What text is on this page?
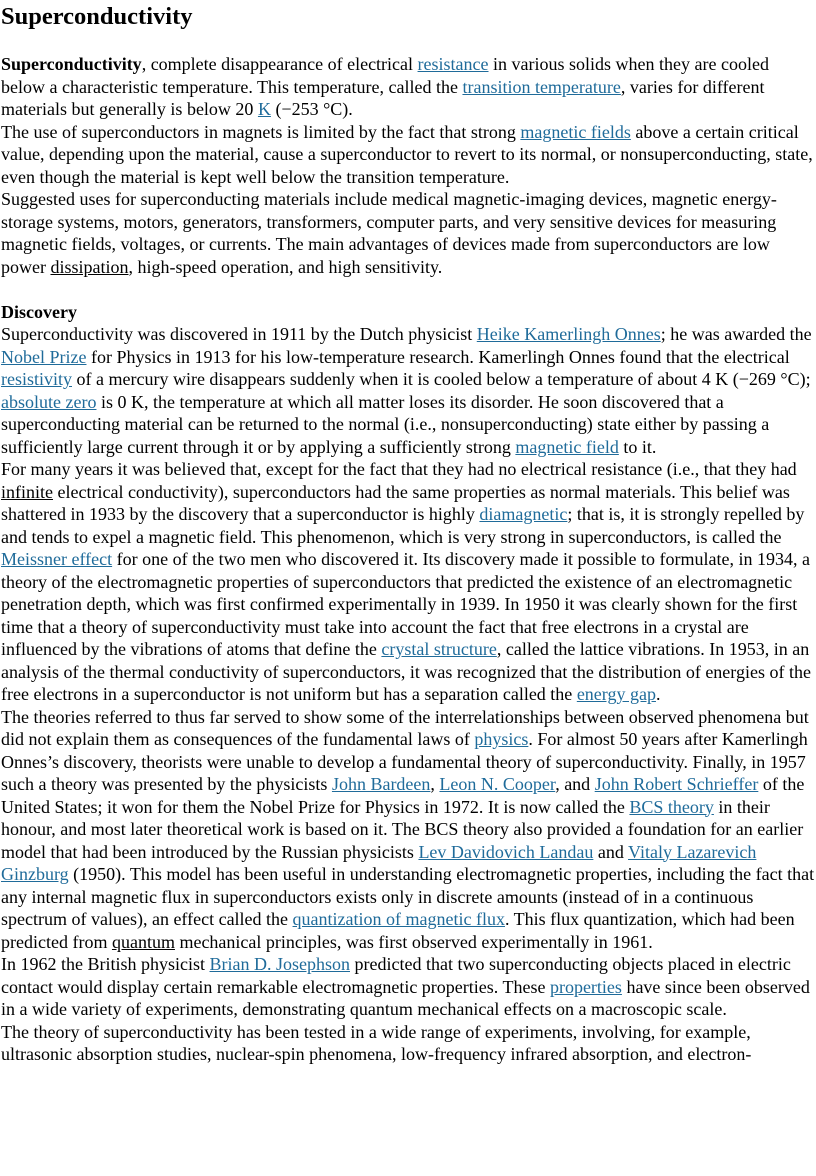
Superconductivity

Superconductivity, complete disappearance of electrical resistance in various solids when they are cooled below a characteristic temperature. This temperature, called the transition temperature, varies for different materials but generally is below 20 K (−253 °C).

The use of superconductors in magnets is limited by the fact that strong magnetic fields above a certain critical value, depending upon the material, cause a superconductor to revert to its normal, or nonsuperconducting, state, even though the material is kept well below the transition temperature.

Suggested uses for superconducting materials include medical magnetic-imaging devices, magnetic energy-storage systems, motors, generators, transformers, computer parts, and very sensitive devices for measuring magnetic fields, voltages, or currents. The main advantages of devices made from superconductors are low power dissipation, high-speed operation, and high sensitivity.

Discovery

Superconductivity was discovered in 1911 by the Dutch physicist Heike Kamerlingh Onnes; he was awarded the Nobel Prize for Physics in 1913 for his low-temperature research. Kamerlingh Onnes found that the electrical resistivity of a mercury wire disappears suddenly when it is cooled below a temperature of about 4 K (−269 °C); absolute zero is 0 K, the temperature at which all matter loses its disorder. He soon discovered that a superconducting material can be returned to the normal (i.e., nonsuperconducting) state either by passing a sufficiently large current through it or by applying a sufficiently strong magnetic field to it.

For many years it was believed that, except for the fact that they had no electrical resistance (i.e., that they had infinite electrical conductivity), superconductors had the same properties as normal materials. This belief was shattered in 1933 by the discovery that a superconductor is highly diamagnetic; that is, it is strongly repelled by and tends to expel a magnetic field. This phenomenon, which is very strong in superconductors, is called the Meissner effect for one of the two men who discovered it. Its discovery made it possible to formulate, in 1934, a theory of the electromagnetic properties of superconductors that predicted the existence of an electromagnetic penetration depth, which was first confirmed experimentally in 1939. In 1950 it was clearly shown for the first time that a theory of superconductivity must take into account the fact that free electrons in a crystal are influenced by the vibrations of atoms that define the crystal structure, called the lattice vibrations. In 1953, in an analysis of the thermal conductivity of superconductors, it was recognized that the distribution of energies of the free electrons in a superconductor is not uniform but has a separation called the energy gap.

The theories referred to thus far served to show some of the interrelationships between observed phenomena but did not explain them as consequences of the fundamental laws of physics. For almost 50 years after Kamerlingh Onnes’s discovery, theorists were unable to develop a fundamental theory of superconductivity. Finally, in 1957 such a theory was presented by the physicists John Bardeen, Leon N. Cooper, and John Robert Schrieffer of the United States; it won for them the Nobel Prize for Physics in 1972. It is now called the BCS theory in their honour, and most later theoretical work is based on it. The BCS theory also provided a foundation for an earlier model that had been introduced by the Russian physicists Lev Davidovich Landau and Vitaly Lazarevich Ginzburg (1950). This model has been useful in understanding electromagnetic properties, including the fact that any internal magnetic flux in superconductors exists only in discrete amounts (instead of in a continuous spectrum of values), an effect called the quantization of magnetic flux. This flux quantization, which had been predicted from quantum mechanical principles, was first observed experimentally in 1961.

In 1962 the British physicist Brian D. Josephson predicted that two superconducting objects placed in electric contact would display certain remarkable electromagnetic properties. These properties have since been observed in a wide variety of experiments, demonstrating quantum mechanical effects on a macroscopic scale.

The theory of superconductivity has been tested in a wide range of experiments, involving, for example, ultrasonic absorption studies, nuclear-spin phenomena, low-frequency infrared absorption, and electron-
